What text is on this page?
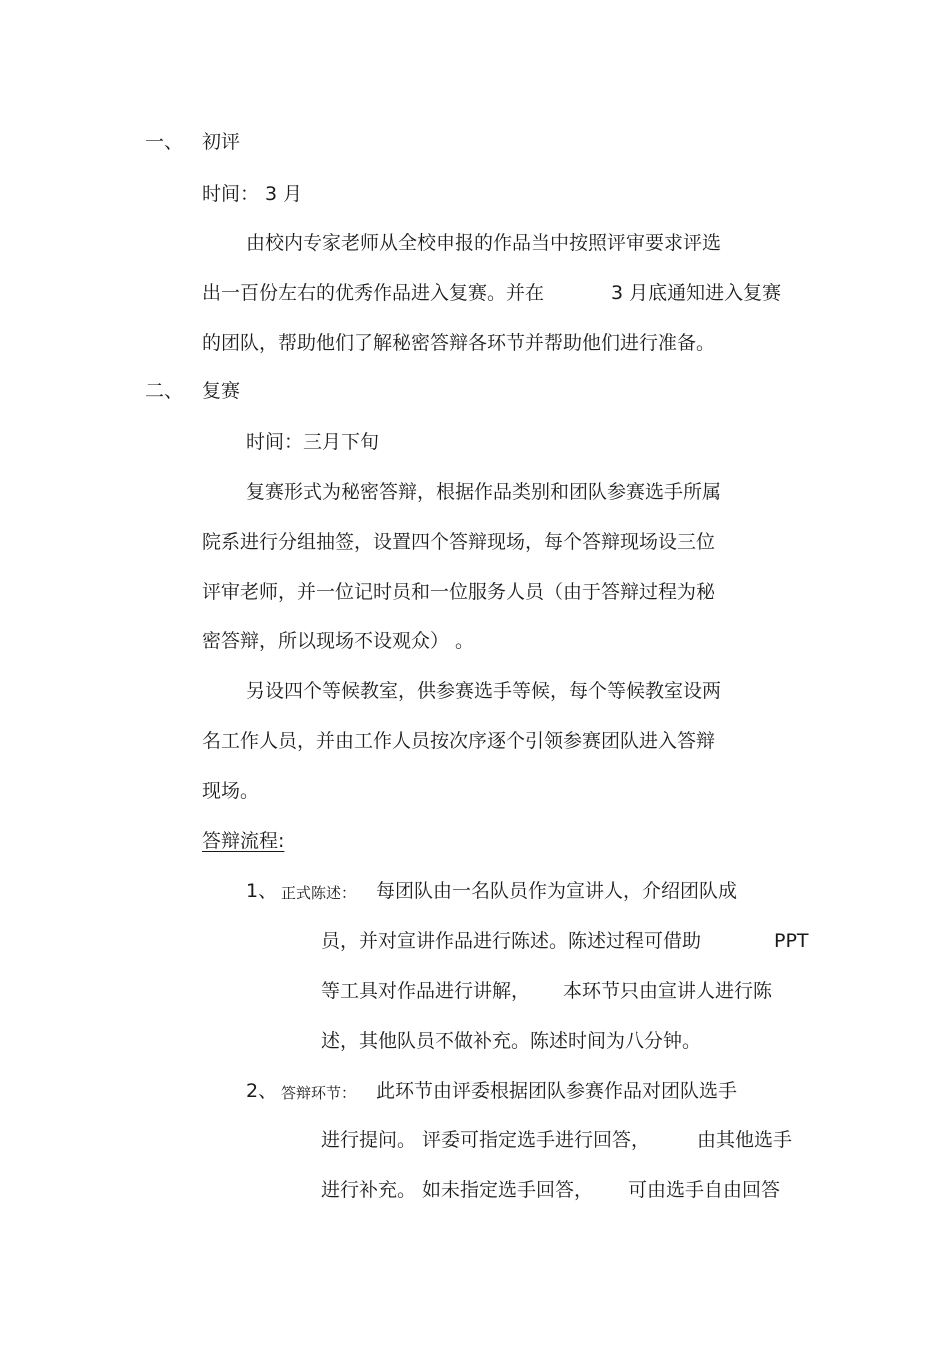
一、 初评
时间： 3 月
由校内专家老师从全校申报的作品当中按照评审要求评选
出一百份左右的优秀作品进入复赛。并在	3 月底通知进入复赛
的团队，帮助他们了解秘密答辩各环节并帮助他们进行准备。
二、 复赛
时间：三月下旬
复赛形式为秘密答辩，根据作品类别和团队参赛选手所属
院系进行分组抽签，设置四个答辩现场，每个答辩现场设三位
评审老师，并一位记时员和一位服务人员（由于答辩过程为秘
密答辩，所以现场不设观众） 。
另设四个等候教室，供参赛选手等候，每个等候教室设两
名工作人员，并由工作人员按次序逐个引领参赛团队进入答辩
现场。
答辩流程:
1、 正式陈述： 每团队由一名队员作为宣讲人，介绍团队成
员，并对宣讲作品进行陈述。陈述过程可借助	PPT
等工具对作品进行讲解， 本环节只由宣讲人进行陈
述，其他队员不做补充。陈述时间为八分钟。
2、 答辩环节： 此环节由评委根据团队参赛作品对团队选手
进行提问。 评委可指定选手进行回答， 由其他选手
进行补充。 如未指定选手回答， 可由选手自由回答
